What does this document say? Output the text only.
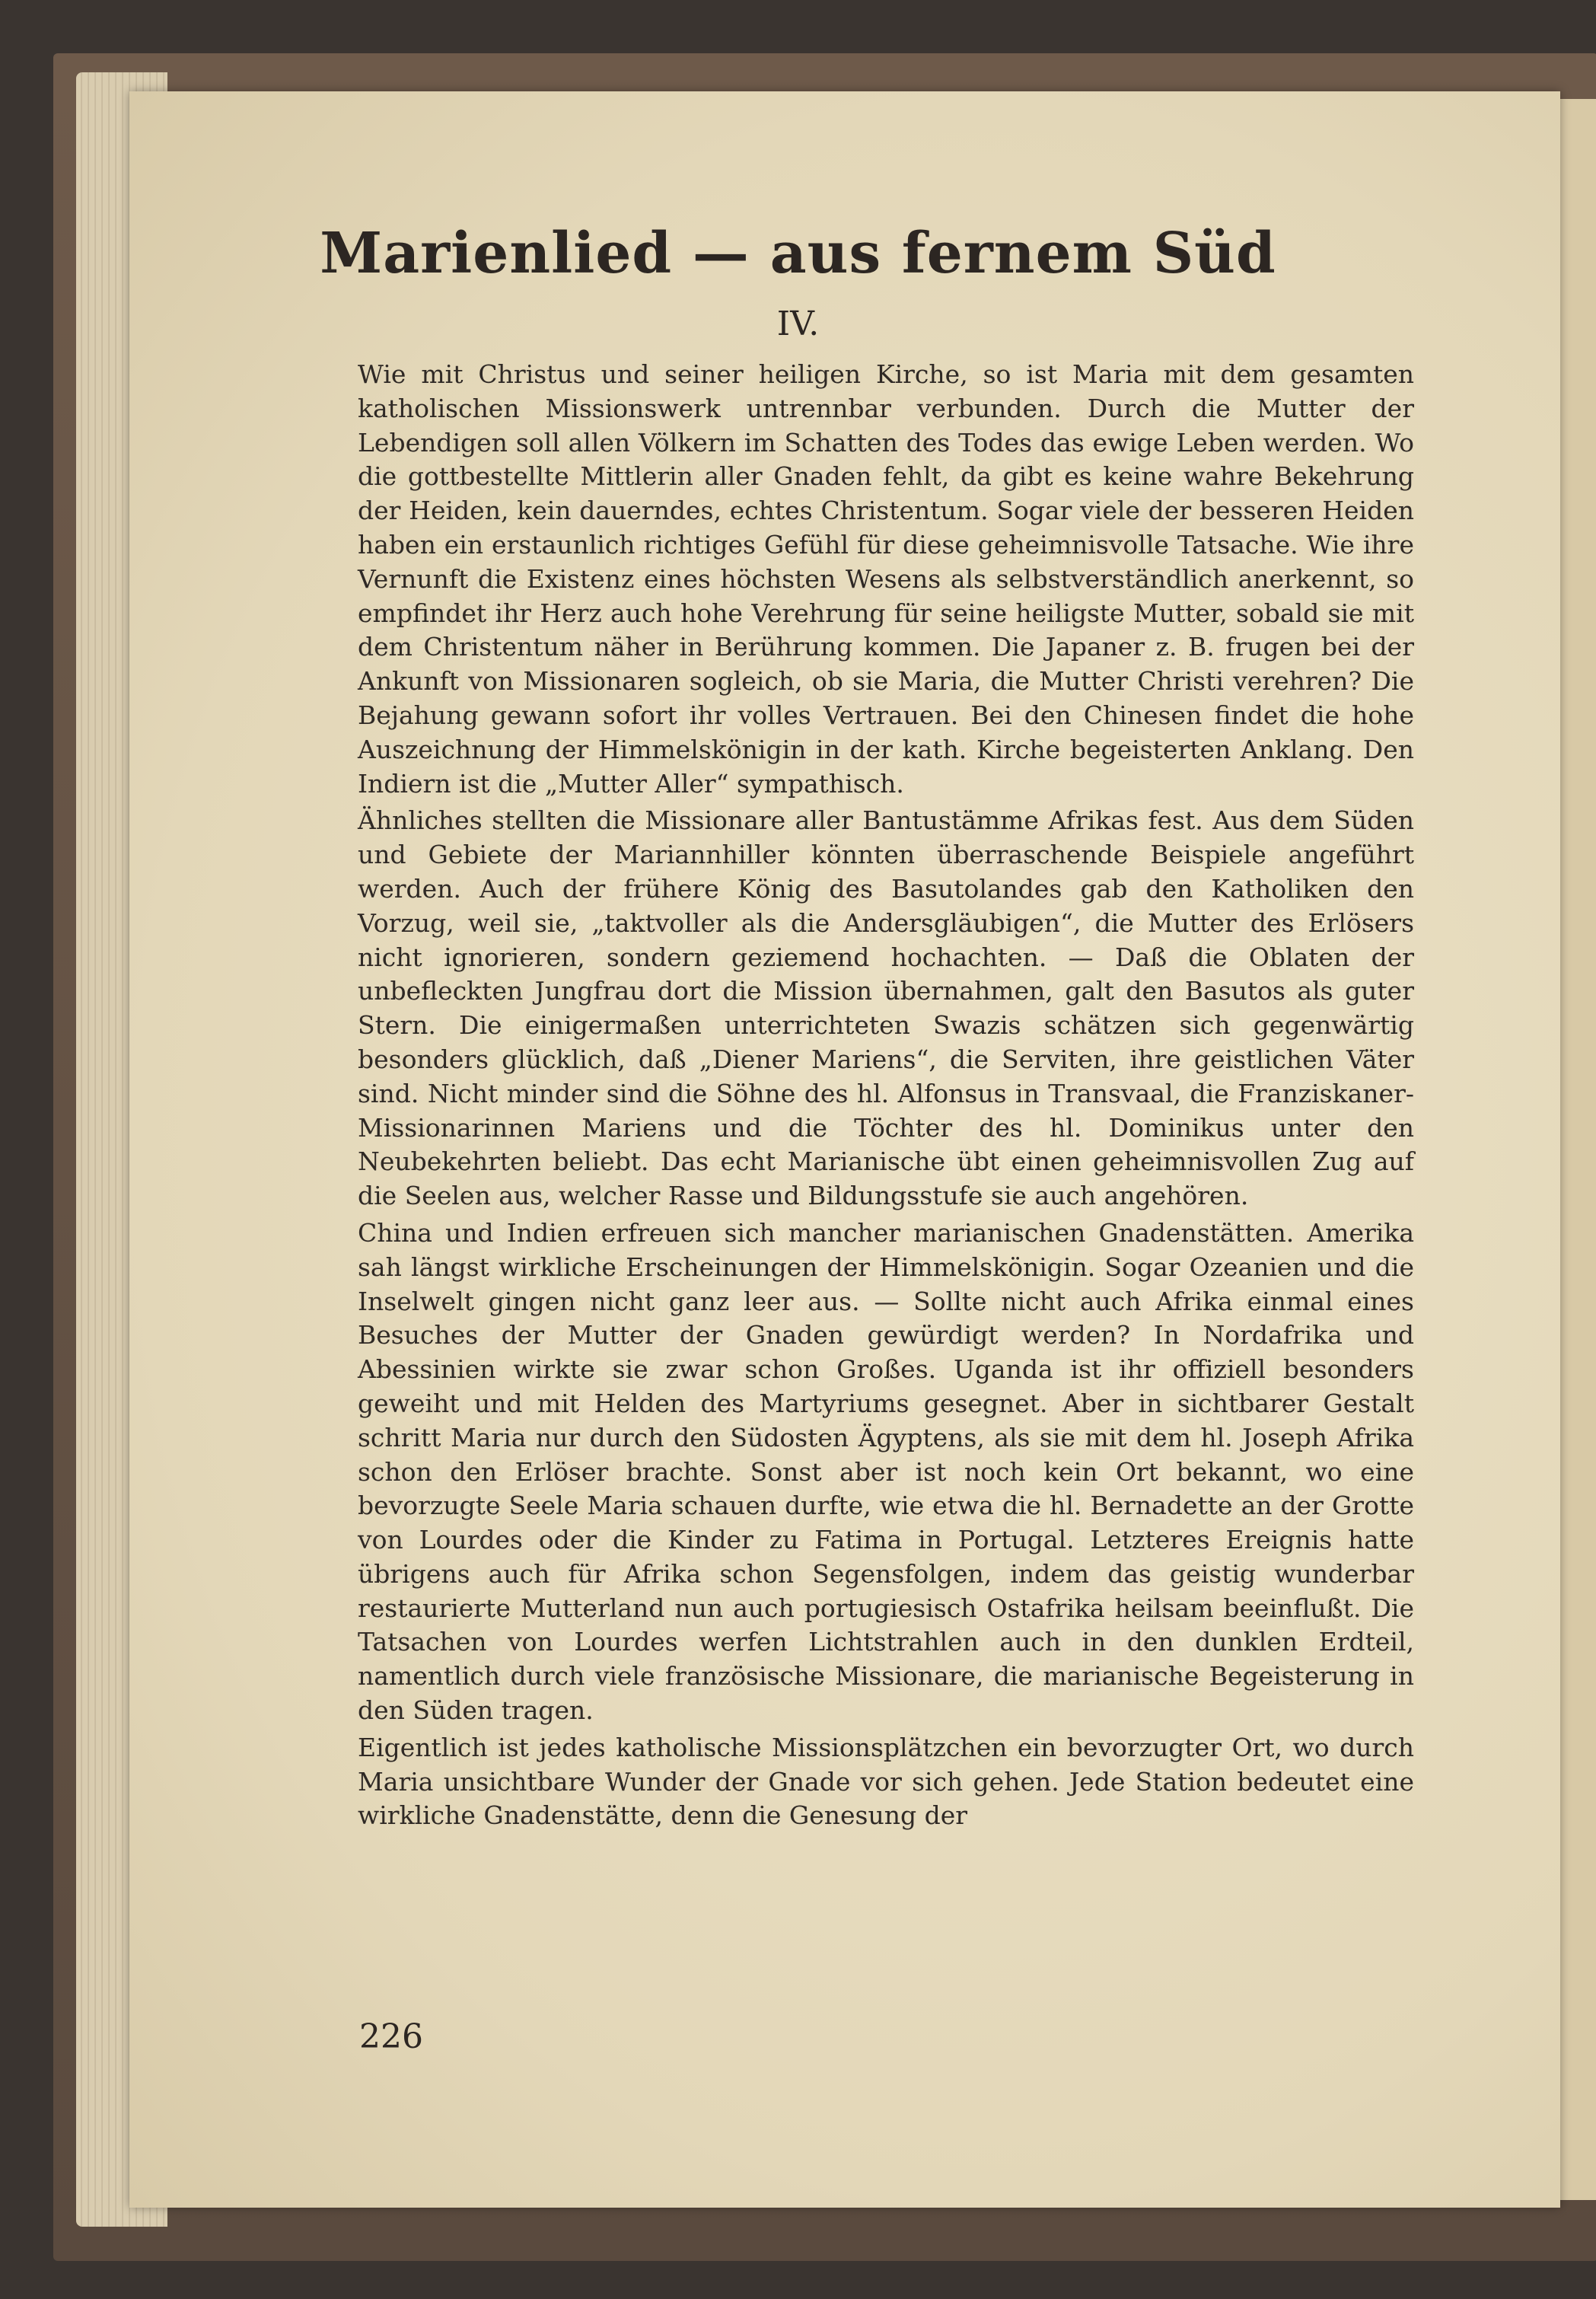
Marienlied — aus fernem Süd
IV.

Wie mit Christus und seiner heiligen Kirche, so ist Maria mit dem gesamten katholischen Missionswerk untrennbar verbunden. Durch die Mutter der Lebendigen soll allen Völkern im Schatten des Todes das ewige Leben werden. Wo die gottbestellte Mittlerin aller Gnaden fehlt, da gibt es keine wahre Bekehrung der Heiden, kein dauerndes, echtes Christentum. Sogar viele der besseren Heiden haben ein erstaunlich richtiges Gefühl für diese geheimnisvolle Tatsache. Wie ihre Vernunft die Existenz eines höchsten Wesens als selbstverständlich anerkennt, so empfindet ihr Herz auch hohe Verehrung für seine heiligste Mutter, sobald sie mit dem Christentum näher in Berührung kommen. Die Japaner z. B. frugen bei der Ankunft von Missionaren sogleich, ob sie Maria, die Mutter Christi verehren? Die Bejahung gewann sofort ihr volles Vertrauen. Bei den Chinesen findet die hohe Auszeichnung der Himmelskönigin in der kath. Kirche begeisterten Anklang. Den Indiern ist die „Mutter Aller“ sympathisch.

Ähnliches stellten die Missionare aller Bantustämme Afrikas fest. Aus dem Süden und Gebiete der Mariannhiller könnten überraschende Beispiele angeführt werden. Auch der frühere König des Basutolandes gab den Katholiken den Vorzug, weil sie, „taktvoller als die Andersgläubigen“, die Mutter des Erlösers nicht ignorieren, sondern geziemend hochachten. — Daß die Oblaten der unbefleckten Jungfrau dort die Mission übernahmen, galt den Basutos als guter Stern. Die einigermaßen unterrichteten Swazis schätzen sich gegenwärtig besonders glücklich, daß „Diener Mariens“, die Serviten, ihre geistlichen Väter sind. Nicht minder sind die Söhne des hl. Alfonsus in Transvaal, die Franziskaner-Missionarinnen Mariens und die Töchter des hl. Dominikus unter den Neubekehrten beliebt. Das echt Marianische übt einen geheimnisvollen Zug auf die Seelen aus, welcher Rasse und Bildungsstufe sie auch angehören.

China und Indien erfreuen sich mancher marianischen Gnadenstätten. Amerika sah längst wirkliche Erscheinungen der Himmelskönigin. Sogar Ozeanien und die Inselwelt gingen nicht ganz leer aus. — Sollte nicht auch Afrika einmal eines Besuches der Mutter der Gnaden gewürdigt werden? In Nordafrika und Abessinien wirkte sie zwar schon Großes. Uganda ist ihr offiziell besonders geweiht und mit Helden des Martyriums gesegnet. Aber in sichtbarer Gestalt schritt Maria nur durch den Südosten Ägyptens, als sie mit dem hl. Joseph Afrika schon den Erlöser brachte. Sonst aber ist noch kein Ort bekannt, wo eine bevorzugte Seele Maria schauen durfte, wie etwa die hl. Bernadette an der Grotte von Lourdes oder die Kinder zu Fatima in Portugal. Letzteres Ereignis hatte übrigens auch für Afrika schon Segensfolgen, indem das geistig wunderbar restaurierte Mutterland nun auch portugiesisch Ostafrika heilsam beeinflußt. Die Tatsachen von Lourdes werfen Lichtstrahlen auch in den dunklen Erdteil, namentlich durch viele französische Missionare, die marianische Begeisterung in den Süden tragen.

Eigentlich ist jedes katholische Missionsplätzchen ein bevorzugter Ort, wo durch Maria unsichtbare Wunder der Gnade vor sich gehen. Jede Station bedeutet eine wirkliche Gnadenstätte, denn die Genesung der

226
